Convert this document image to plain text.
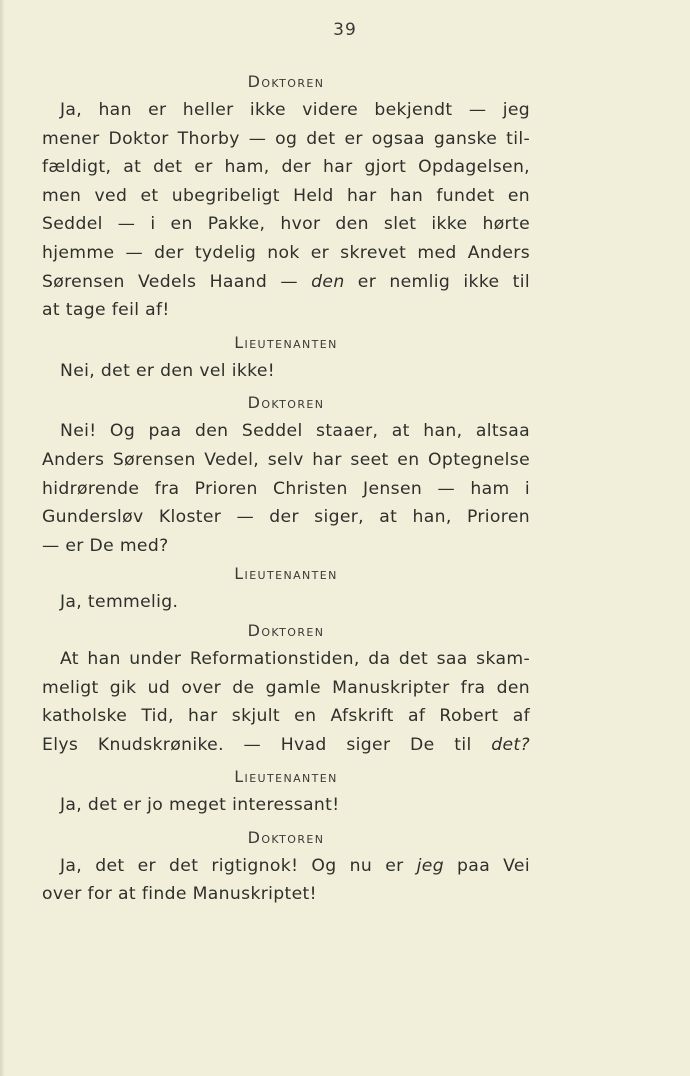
39
Doktoren
Ja, han er heller ikke videre bekjendt — jeg
mener Doktor Thorby — og det er ogsaa ganske til-
fældigt, at det er ham, der har gjort Opdagelsen,
men ved et ubegribeligt Held har han fundet en
Seddel — i en Pakke, hvor den slet ikke hørte
hjemme — der tydelig nok er skrevet med Anders
Sørensen Vedels Haand — den er nemlig ikke til
at tage feil af!
Lieutenanten
Nei, det er den vel ikke!
Doktoren
Nei! Og paa den Seddel staaer, at han, altsaa
Anders Sørensen Vedel, selv har seet en Optegnelse
hidrørende fra Prioren Christen Jensen — ham i
Gundersløv Kloster — der siger, at han, Prioren
— er De med?
Lieutenanten
Ja, temmelig.
Doktoren
At han under Reformationstiden, da det saa skam-
meligt gik ud over de gamle Manuskripter fra den
katholske Tid, har skjult en Afskrift af Robert af
Elys Knudskrønike. — Hvad siger De til det?
Lieutenanten
Ja, det er jo meget interessant!
Doktoren
Ja, det er det rigtignok! Og nu er jeg paa Vei
over for at finde Manuskriptet!
